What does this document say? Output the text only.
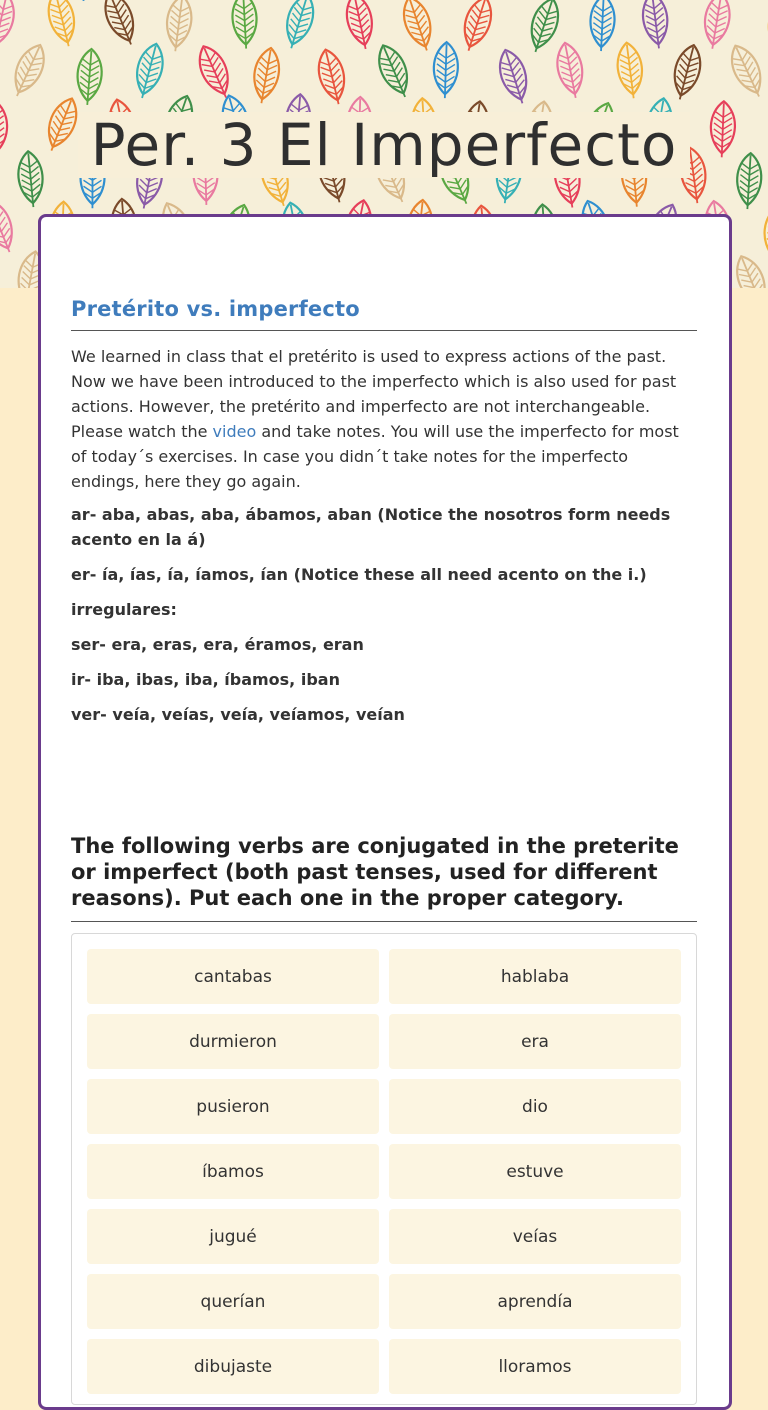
Per. 3 El Imperfecto
Pretérito vs. imperfecto

We learned in class that el pretérito is used to express actions of the past. Now we have been introduced to the imperfecto which is also used for past actions. However, the pretérito and imperfecto are not interchangeable. Please watch the video and take notes. You will use the imperfecto for most of today´s exercises. In case you didn´t take notes for the imperfecto endings, here they go again.

ar- aba, abas, aba, ábamos, aban (Notice the nosotros form needs acento en la á)

er- ía, ías, ía, íamos, ían (Notice these all need acento on the i.)

irregulares:

ser- era, eras, era, éramos, eran

ir- iba, ibas, iba, íbamos, iban

ver- veía, veías, veía, veíamos, veían

The following verbs are conjugated in the preterite or imperfect (both past tenses, used for different reasons). Put each one in the proper category.
cantabas	hablaba
durmieron	era
pusieron	dio
íbamos	estuve
jugué	veías
querían	aprendía
dibujaste	lloramos
